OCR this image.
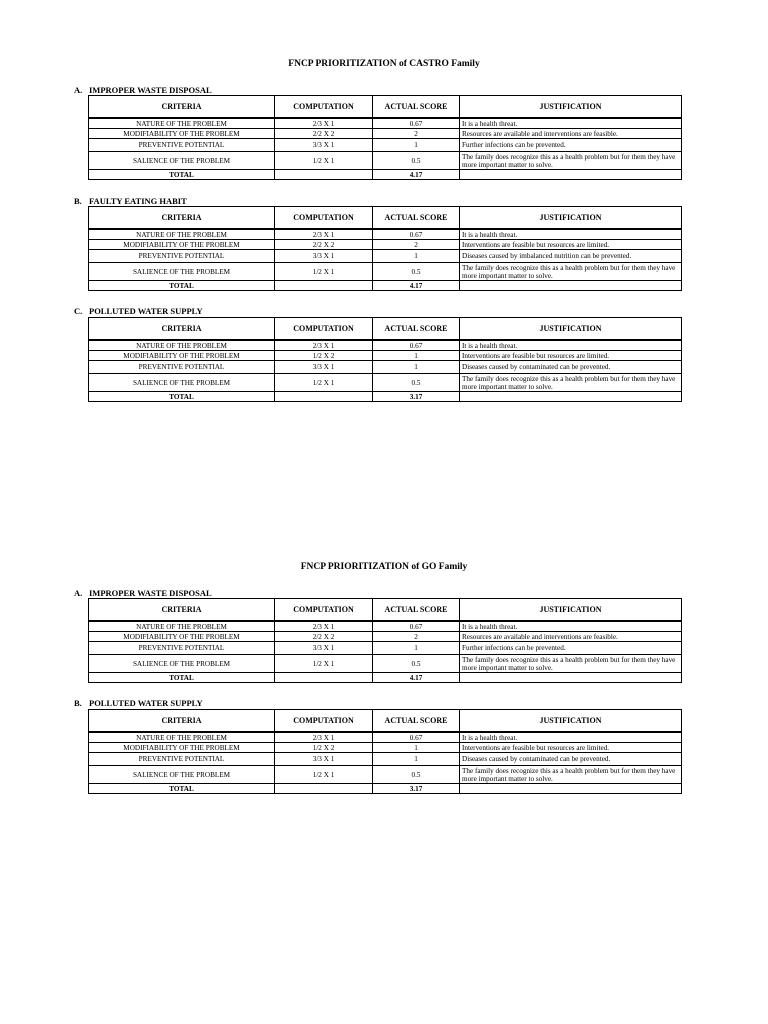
FNCP PRIORITIZATION of CASTRO Family
A. IMPROPER WASTE DISPOSAL
CRITERIA	COMPUTATION	ACTUAL SCORE	JUSTIFICATION
NATURE OF THE PROBLEM	2/3 X 1	0.67	It is a health threat.
MODIFIABILITY OF THE PROBLEM	2/2 X 2	2	Resources are available and interventions are feasible.
PREVENTIVE POTENTIAL	3/3 X 1	1	Further infections can be prevented.
SALIENCE OF THE PROBLEM	1/2 X 1	0.5	The family does recognize this as a health problem but for them they have more important matter to solve.
TOTAL		4.17	
B. FAULTY EATING HABIT
CRITERIA	COMPUTATION	ACTUAL SCORE	JUSTIFICATION
NATURE OF THE PROBLEM	2/3 X 1	0.67	It is a health threat.
MODIFIABILITY OF THE PROBLEM	2/2 X 2	2	Interventions are feasible but resources are limited.
PREVENTIVE POTENTIAL	3/3 X 1	1	Diseases caused by imbalanced nutrition can be prevented.
SALIENCE OF THE PROBLEM	1/2 X 1	0.5	The family does recognize this as a health problem but for them they have more important matter to solve.
TOTAL		4.17	
C. POLLUTED WATER SUPPLY
CRITERIA	COMPUTATION	ACTUAL SCORE	JUSTIFICATION
NATURE OF THE PROBLEM	2/3 X 1	0.67	It is a health threat.
MODIFIABILITY OF THE PROBLEM	1/2 X 2	1	Interventions are feasible but resources are limited.
PREVENTIVE POTENTIAL	3/3 X 1	1	Diseases caused by contaminated can be prevented.
SALIENCE OF THE PROBLEM	1/2 X 1	0.5	The family does recognize this as a health problem but for them they have more important matter to solve.
TOTAL		3.17	
FNCP PRIORITIZATION of GO Family
A. IMPROPER WASTE DISPOSAL
CRITERIA	COMPUTATION	ACTUAL SCORE	JUSTIFICATION
NATURE OF THE PROBLEM	2/3 X 1	0.67	It is a health threat.
MODIFIABILITY OF THE PROBLEM	2/2 X 2	2	Resources are available and interventions are feasible.
PREVENTIVE POTENTIAL	3/3 X 1	1	Further infections can be prevented.
SALIENCE OF THE PROBLEM	1/2 X 1	0.5	The family does recognize this as a health problem but for them they have more important matter to solve.
TOTAL		4.17	
B. POLLUTED WATER SUPPLY
CRITERIA	COMPUTATION	ACTUAL SCORE	JUSTIFICATION
NATURE OF THE PROBLEM	2/3 X 1	0.67	It is a health threat.
MODIFIABILITY OF THE PROBLEM	1/2 X 2	1	Interventions are feasible but resources are limited.
PREVENTIVE POTENTIAL	3/3 X 1	1	Diseases caused by contaminated can be prevented.
SALIENCE OF THE PROBLEM	1/2 X 1	0.5	The family does recognize this as a health problem but for them they have more important matter to solve.
TOTAL		3.17	
